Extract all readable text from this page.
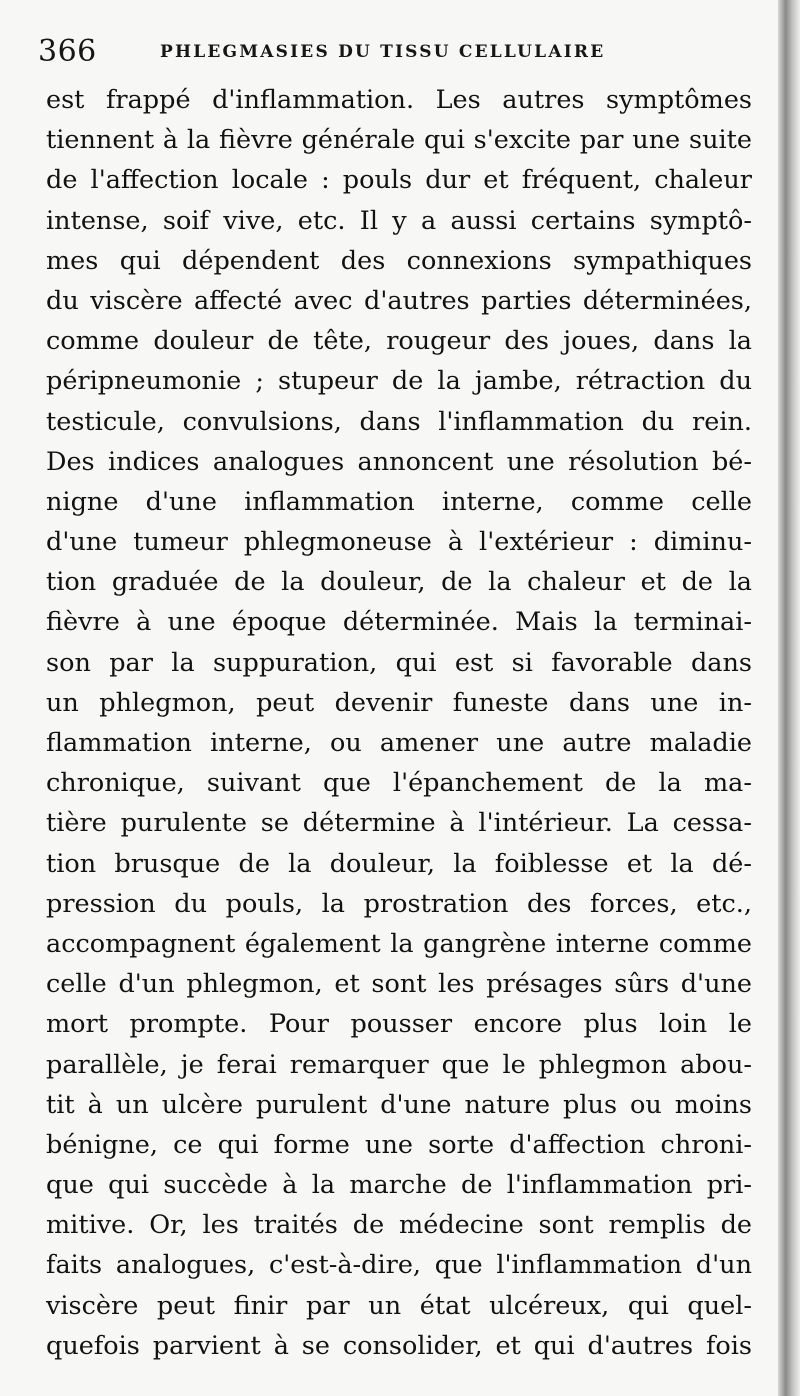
366	PHLEGMASIES DU TISSU CELLULAIRE
est frappé d'inflammation. Les autres symptômes
tiennent à la fièvre générale qui s'excite par une suite
de l'affection locale : pouls dur et fréquent, chaleur
intense, soif vive, etc. Il y a aussi certains symptô-
mes qui dépendent des connexions sympathiques
du viscère affecté avec d'autres parties déterminées,
comme douleur de tête, rougeur des joues, dans la
péripneumonie ; stupeur de la jambe, rétraction du
testicule, convulsions, dans l'inflammation du rein.
Des indices analogues annoncent une résolution bé-
nigne d'une inflammation interne, comme celle
d'une tumeur phlegmoneuse à l'extérieur : diminu-
tion graduée de la douleur, de la chaleur et de la
fièvre à une époque déterminée. Mais la terminai-
son par la suppuration, qui est si favorable dans
un phlegmon, peut devenir funeste dans une in-
flammation interne, ou amener une autre maladie
chronique, suivant que l'épanchement de la ma-
tière purulente se détermine à l'intérieur. La cessa-
tion brusque de la douleur, la foiblesse et la dé-
pression du pouls, la prostration des forces, etc.,
accompagnent également la gangrène interne comme
celle d'un phlegmon, et sont les présages sûrs d'une
mort prompte. Pour pousser encore plus loin le
parallèle, je ferai remarquer que le phlegmon abou-
tit à un ulcère purulent d'une nature plus ou moins
bénigne, ce qui forme une sorte d'affection chroni-
que qui succède à la marche de l'inflammation pri-
mitive. Or, les traités de médecine sont remplis de
faits analogues, c'est-à-dire, que l'inflammation d'un
viscère peut finir par un état ulcéreux, qui quel-
quefois parvient à se consolider, et qui d'autres fois
